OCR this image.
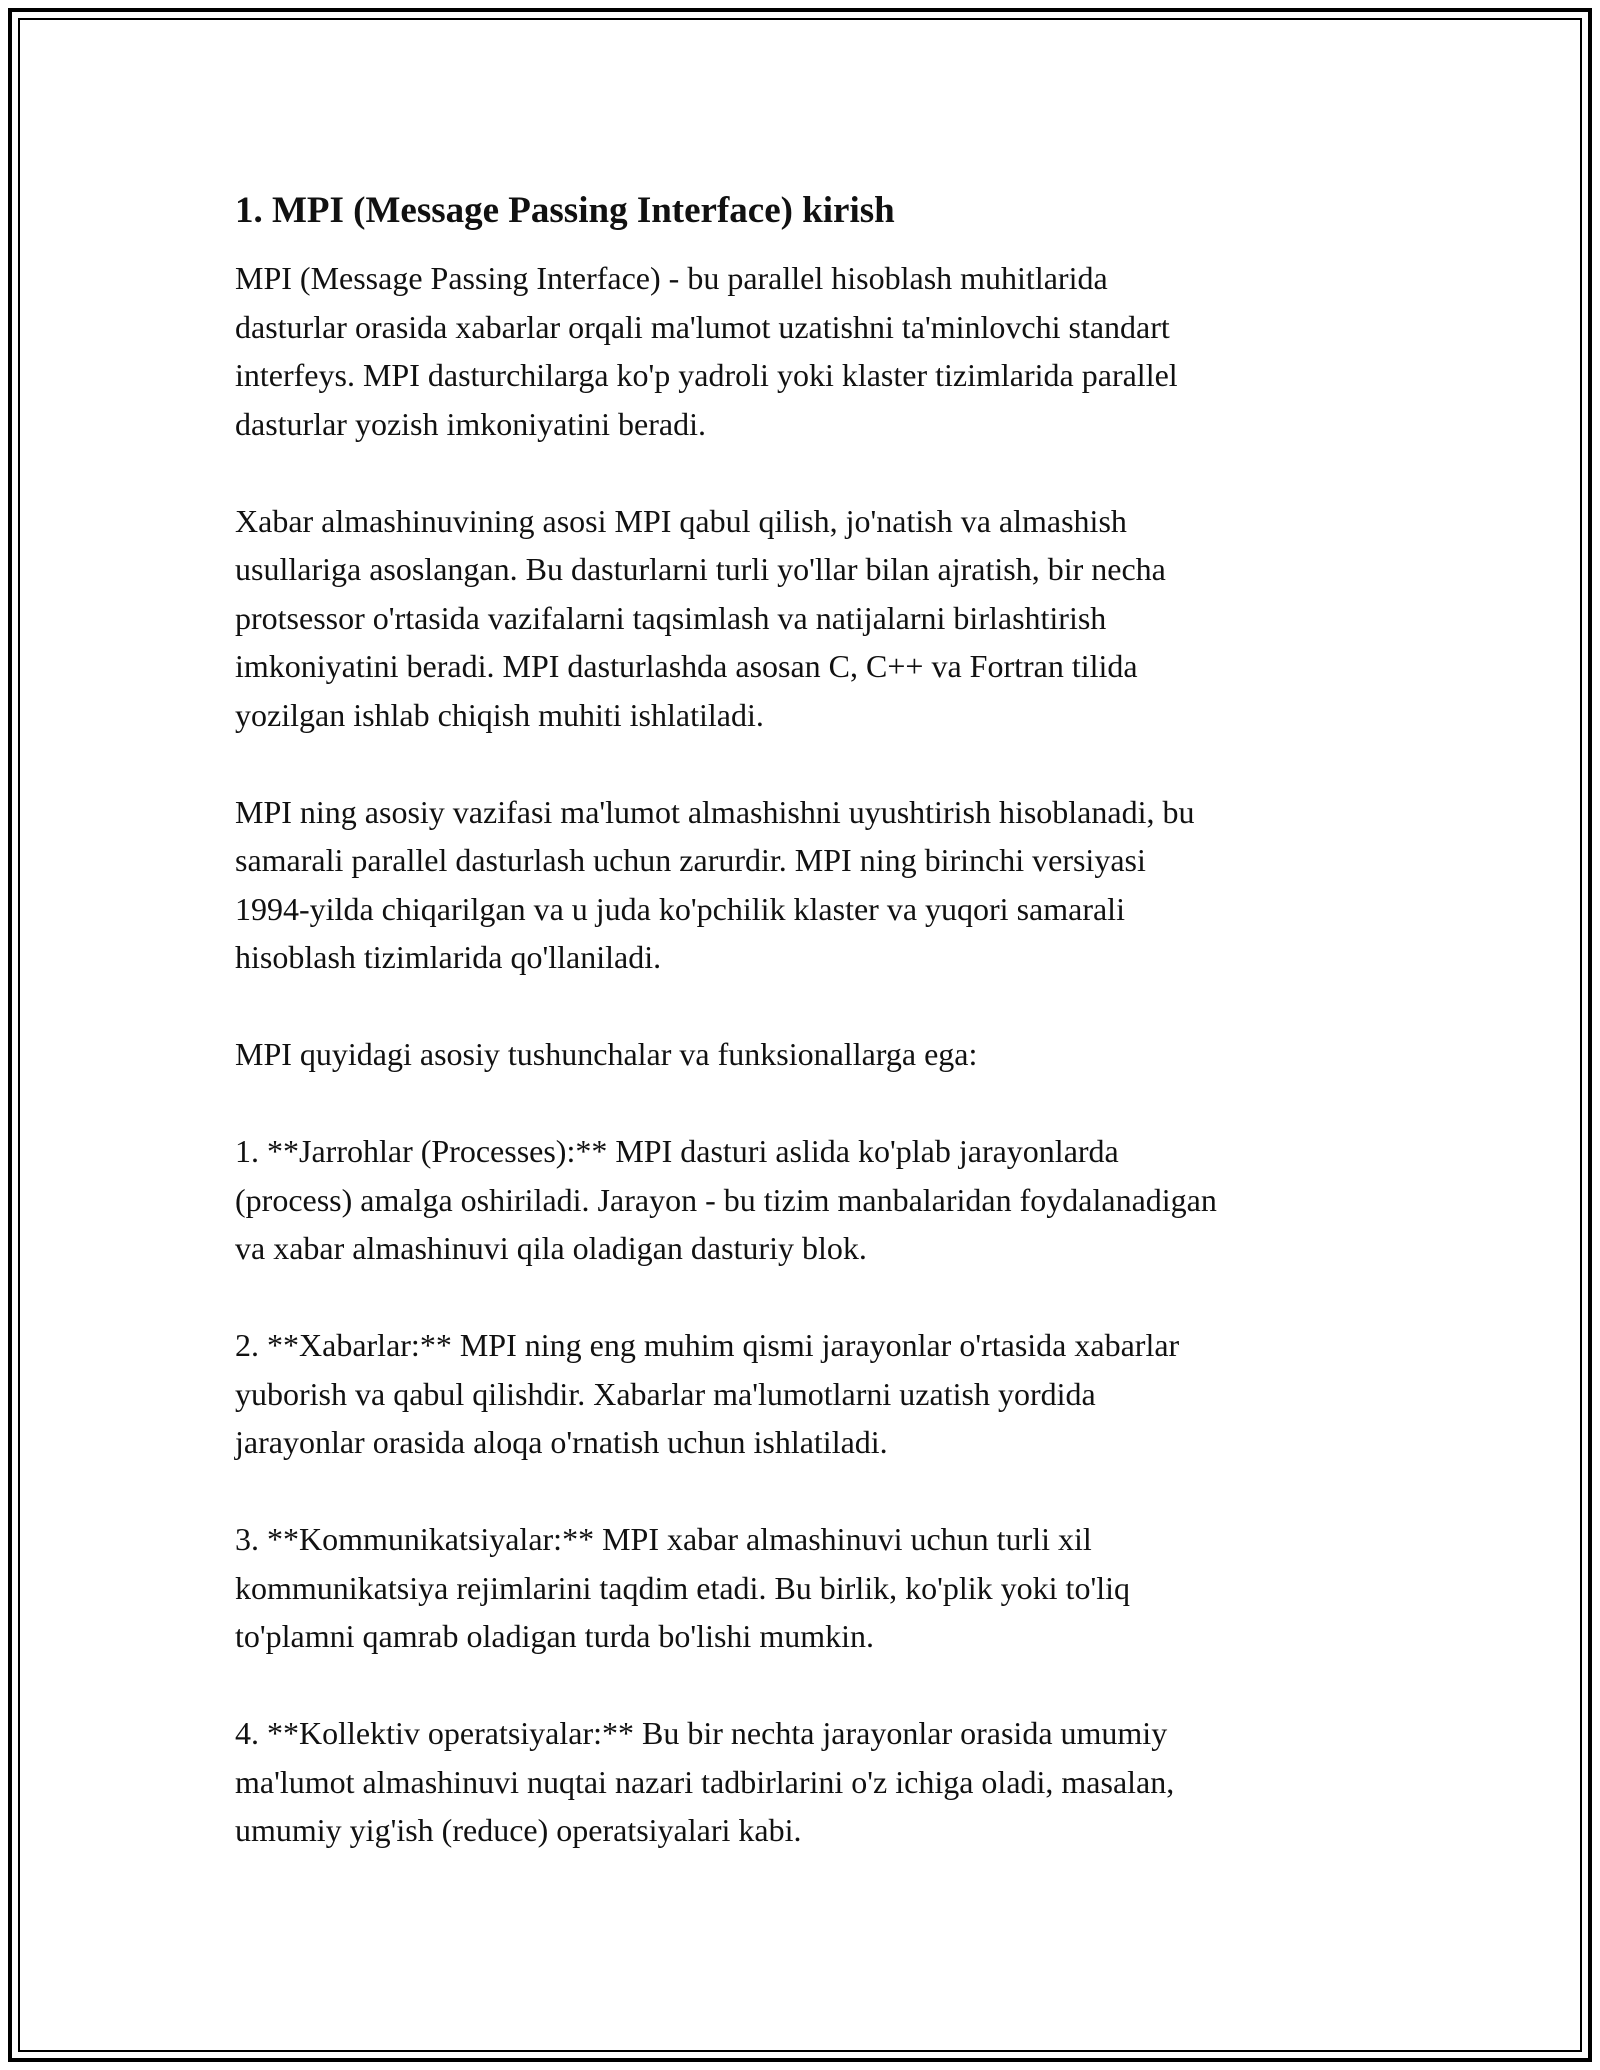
1. MPI (Message Passing Interface) kirish

MPI (Message Passing Interface) - bu parallel hisoblash muhitlarida
dasturlar orasida xabarlar orqali ma'lumot uzatishni ta'minlovchi standart
interfeys. MPI dasturchilarga ko'p yadroli yoki klaster tizimlarida parallel
dasturlar yozish imkoniyatini beradi.

Xabar almashinuvining asosi MPI qabul qilish, jo'natish va almashish
usullariga asoslangan. Bu dasturlarni turli yo'llar bilan ajratish, bir necha
protsessor o'rtasida vazifalarni taqsimlash va natijalarni birlashtirish
imkoniyatini beradi. MPI dasturlashda asosan C, C++ va Fortran tilida
yozilgan ishlab chiqish muhiti ishlatiladi.

MPI ning asosiy vazifasi ma'lumot almashishni uyushtirish hisoblanadi, bu
samarali parallel dasturlash uchun zarurdir. MPI ning birinchi versiyasi
1994-yilda chiqarilgan va u juda ko'pchilik klaster va yuqori samarali
hisoblash tizimlarida qo'llaniladi.

MPI quyidagi asosiy tushunchalar va funksionallarga ega:

1. **Jarrohlar (Processes):** MPI dasturi aslida ko'plab jarayonlarda
(process) amalga oshiriladi. Jarayon - bu tizim manbalaridan foydalanadigan
va xabar almashinuvi qila oladigan dasturiy blok.

2. **Xabarlar:** MPI ning eng muhim qismi jarayonlar o'rtasida xabarlar
yuborish va qabul qilishdir. Xabarlar ma'lumotlarni uzatish yordida
jarayonlar orasida aloqa o'rnatish uchun ishlatiladi.

3. **Kommunikatsiyalar:** MPI xabar almashinuvi uchun turli xil
kommunikatsiya rejimlarini taqdim etadi. Bu birlik, ko'plik yoki to'liq
to'plamni qamrab oladigan turda bo'lishi mumkin.

4. **Kollektiv operatsiyalar:** Bu bir nechta jarayonlar orasida umumiy
ma'lumot almashinuvi nuqtai nazari tadbirlarini o'z ichiga oladi, masalan,
umumiy yig'ish (reduce) operatsiyalari kabi.
